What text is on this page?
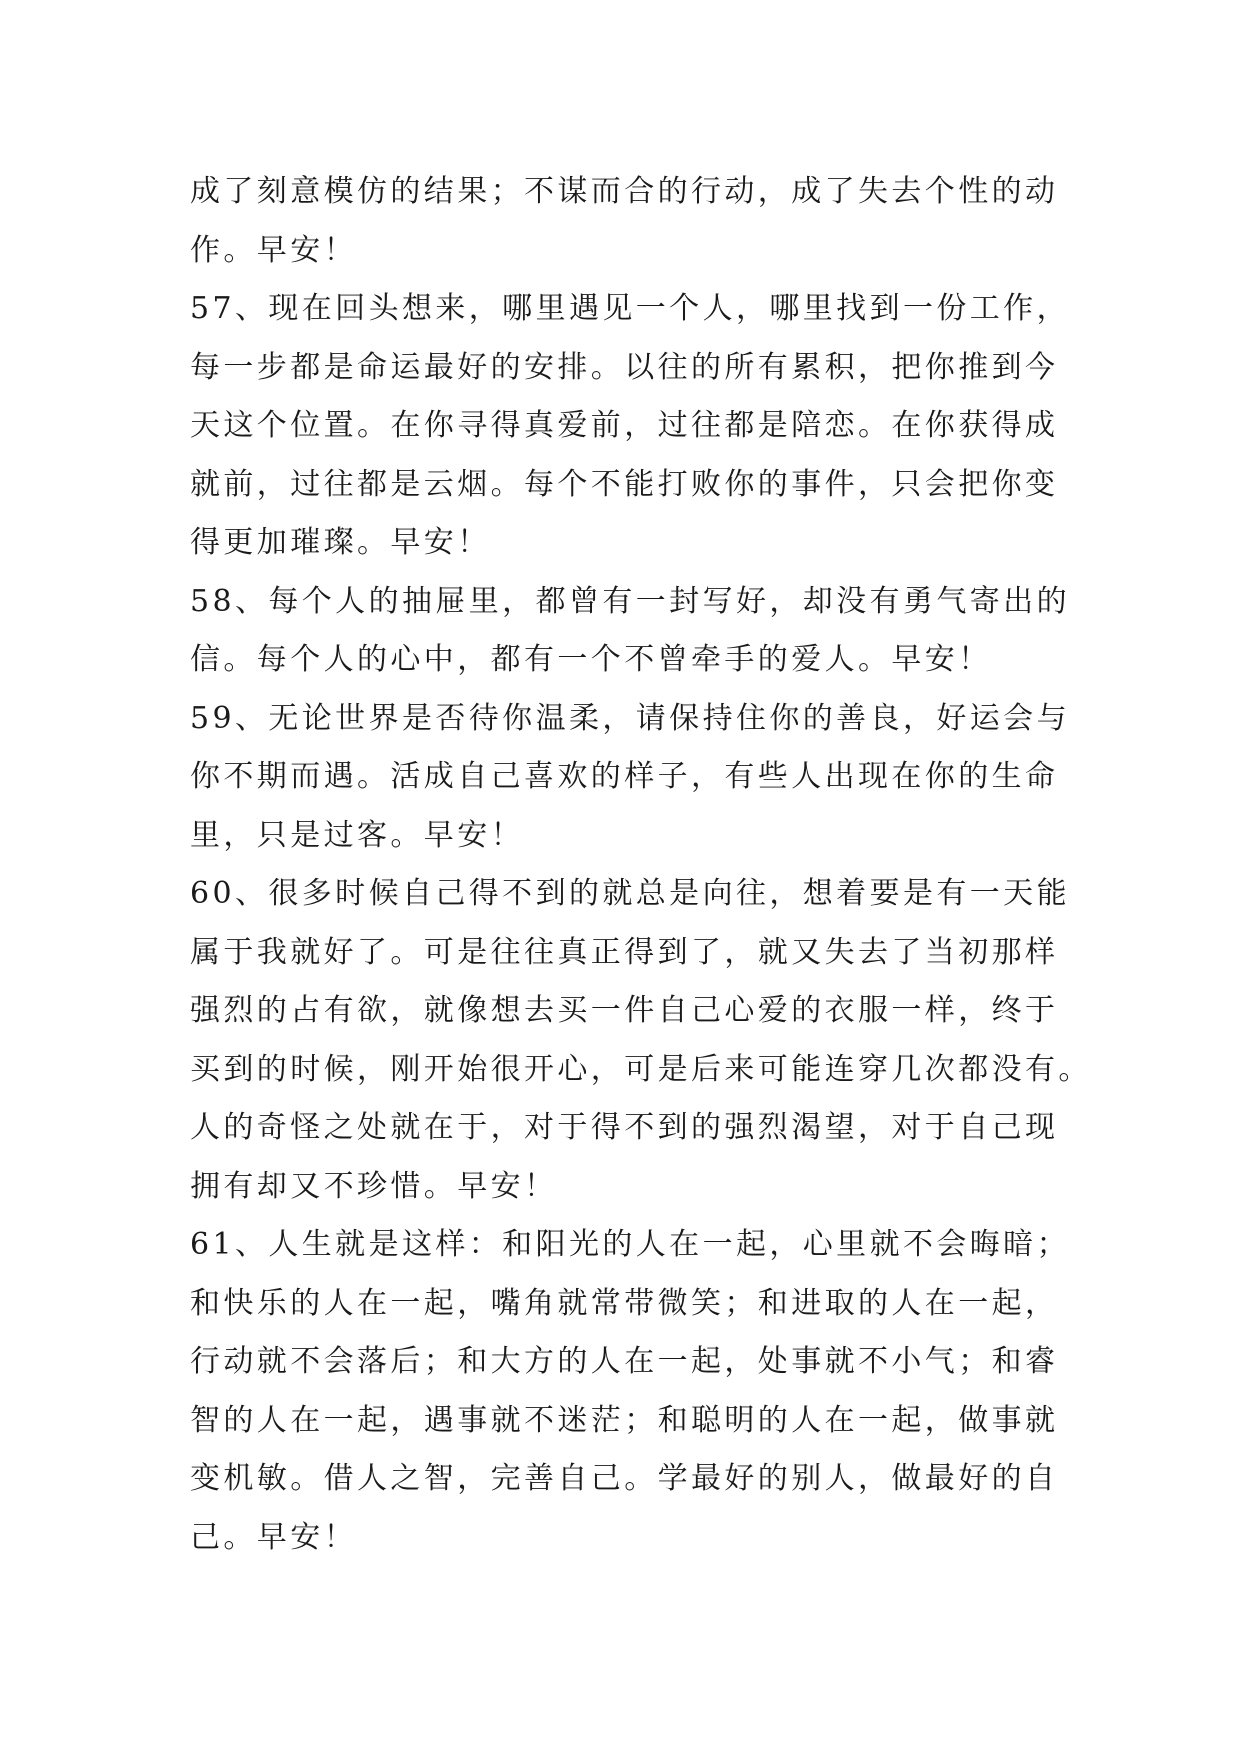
成了刻意模仿的结果；不谋而合的行动，成了失去个性的动
作。早安！

57、现在回头想来，哪里遇见一个人，哪里找到一份工作，
每一步都是命运最好的安排。以往的所有累积，把你推到今
天这个位置。在你寻得真爱前，过往都是陪恋。在你获得成
就前，过往都是云烟。每个不能打败你的事件，只会把你变
得更加璀璨。早安！

58、每个人的抽屉里，都曾有一封写好，却没有勇气寄出的
信。每个人的心中，都有一个不曾牵手的爱人。早安！

59、无论世界是否待你温柔，请保持住你的善良，好运会与
你不期而遇。活成自己喜欢的样子，有些人出现在你的生命
里，只是过客。早安！

60、很多时候自己得不到的就总是向往，想着要是有一天能
属于我就好了。可是往往真正得到了，就又失去了当初那样
强烈的占有欲，就像想去买一件自己心爱的衣服一样，终于
买到的时候，刚开始很开心，可是后来可能连穿几次都没有。
人的奇怪之处就在于，对于得不到的强烈渴望，对于自己现
拥有却又不珍惜。早安！

61、人生就是这样：和阳光的人在一起，心里就不会晦暗；
和快乐的人在一起，嘴角就常带微笑；和进取的人在一起，
行动就不会落后；和大方的人在一起，处事就不小气；和睿
智的人在一起，遇事就不迷茫；和聪明的人在一起，做事就
变机敏。借人之智，完善自己。学最好的别人，做最好的自
己。早安！
